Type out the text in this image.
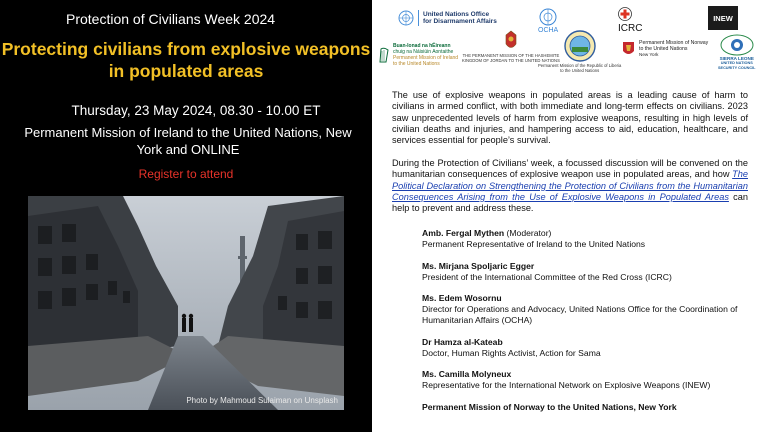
Protection of Civilians Week 2024
Protecting civilians from explosive weapons in populated areas
Thursday, 23 May 2024, 08.30 - 10.00 ET
Permanent Mission of Ireland to the United Nations, New York and ONLINE
Register to attend
Photo by Mahmoud Sulaiman on Unsplash
United Nations Office
for Disarmament Affairs
OCHA	ICRC
INEW
Buan-Ionad na hÉireann
chuig na Náisiúin Aontaithe
Permanent Mission of Ireland
to the United Nations
THE PERMANENT MISSION OF THE HASHEMITE
KINGDOM OF JORDAN TO THE UNITED NATIONS
Permanent Mission of the Republic of Liberia
to the United Nations
Permanent Mission of Norway
to the United Nations
New York
SIERRA LEONE
UNITED NATIONS
SECURITY COUNCIL
The use of explosive weapons in populated areas is a leading cause of harm to civilians in armed conflict, with both immediate and long-term effects on civilians. 2023 saw unprecedented levels of harm from explosive weapons, resulting in high levels of civilian deaths and injuries, and hampering access to aid, education, healthcare, and services essential for people’s survival.
During the Protection of Civilians’ week, a focussed discussion will be convened on the humanitarian consequences of explosive weapon use in populated areas, and how The Political Declaration on Strengthening the Protection of Civilians from the Humanitarian Consequences Arising from the Use of Explosive Weapons in Populated Areas can help to prevent and address these.
Amb. Fergal Mythen (Moderator)
Permanent Representative of Ireland to the United Nations
Ms. Mirjana Spoljaric Egger
President of the International Committee of the Red Cross (ICRC)
Ms. Edem Wosornu
Director for Operations and Advocacy, United Nations Office for the Coordination of Humanitarian Affairs (OCHA)
Dr Hamza al-Kateab
Doctor, Human Rights Activist, Action for Sama
Ms. Camilla Molyneux
Representative for the International Network on Explosive Weapons (INEW)
Permanent Mission of Norway to the United Nations, New York
